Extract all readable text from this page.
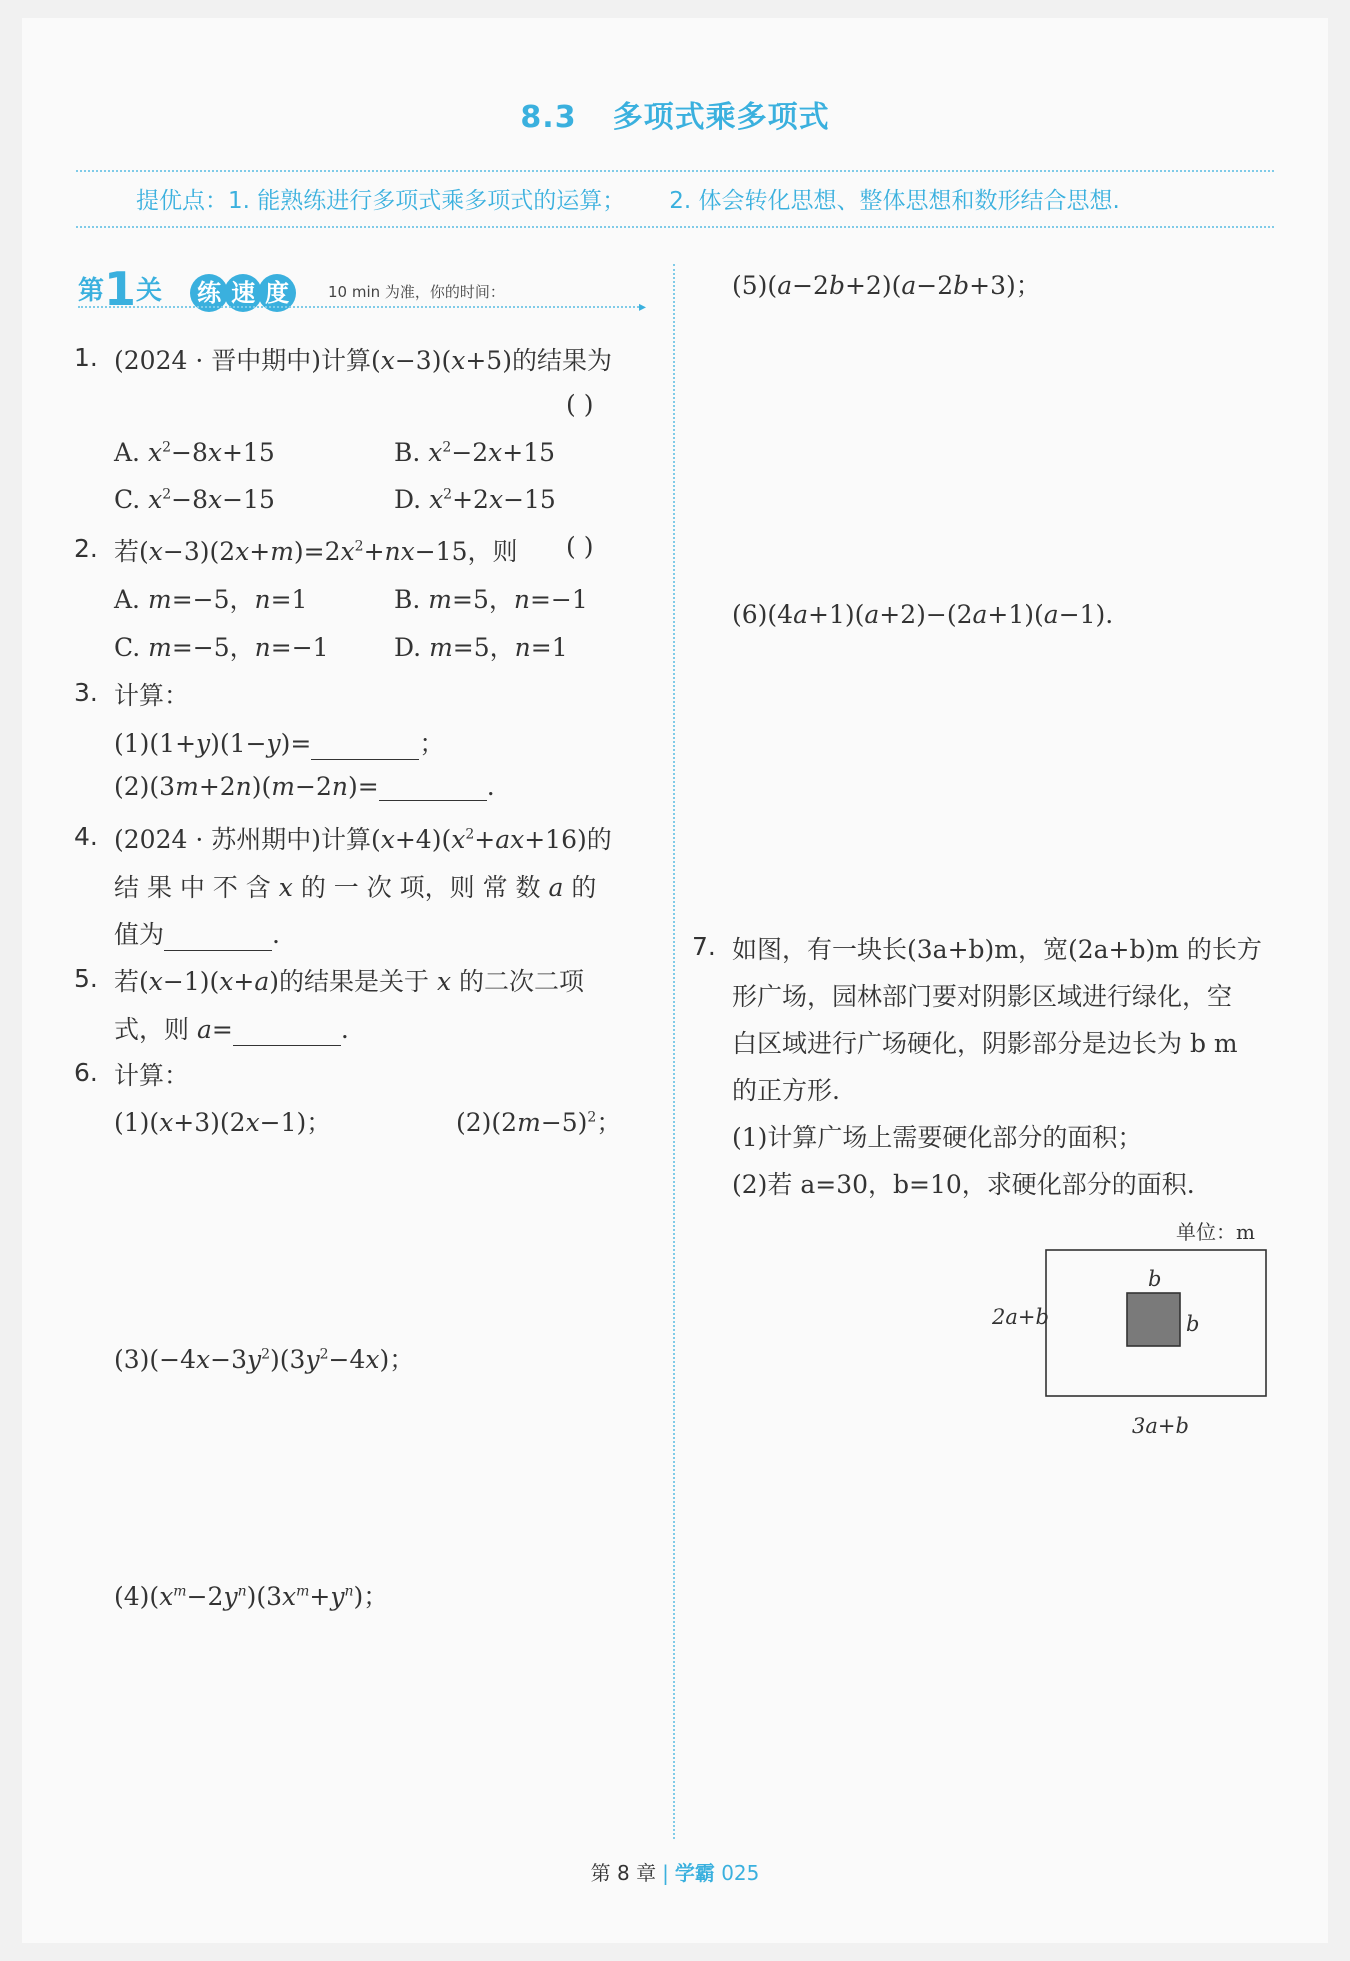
8.3 多项式乘多项式
提优点：1. 能熟练进行多项式乘多项式的运算； 2. 体会转化思想、整体思想和数形结合思想.
第1关 练 速 度	10 min 为准，你的时间：
▸
1. (2024 · 晋中期中)计算(x−3)(x+5)的结果为
( )
A. $x^2-8x+15$	B. $x^2-2x+15$
C. $x^2-8x-15$	D. $x^2+2x-15$
2. 若$(x-3)(2x+m)=2x^2+nx-15$，则 ( )
A. m=−5，n=1	B. m=5，n=−1
C. m=−5，n=−1	D. m=5，n=1
3. 计算：
(1)(1+y)(1−y)=	；
(2)(3m+2n)(m−2n)=	.
4. (2024 · 苏州期中)计算$(x+4)(x^2+ax+16)$的
结 果 中 不 含 x 的 一 次 项，则 常 数 a 的
值为	.
5. 若(x−1)(x+a)的结果是关于 x 的二次二项
式，则 a=	.
6. 计算：
(1)(x+3)(2x−1)；	$(2)(2m-5)^2$；
$(3)(-4x-3y^2)(3y^2-4x)$；
$(4)(x^m-2y^n)(3x^m+y^n)$；
(5)(a−2b+2)(a−2b+3)；
(6)(4a+1)(a+2)−(2a+1)(a−1).
7. 如图，有一块长(3a+b)m，宽(2a+b)m 的长方
形广场，园林部门要对阴影区域进行绿化，空
白区域进行广场硬化，阴影部分是边长为 b m
的正方形.
(1)计算广场上需要硬化部分的面积；
(2)若 a=30，b=10，求硬化部分的面积.
单位：m
2a+b
3a+b
b
b
第 8 章 | 学霸 025
